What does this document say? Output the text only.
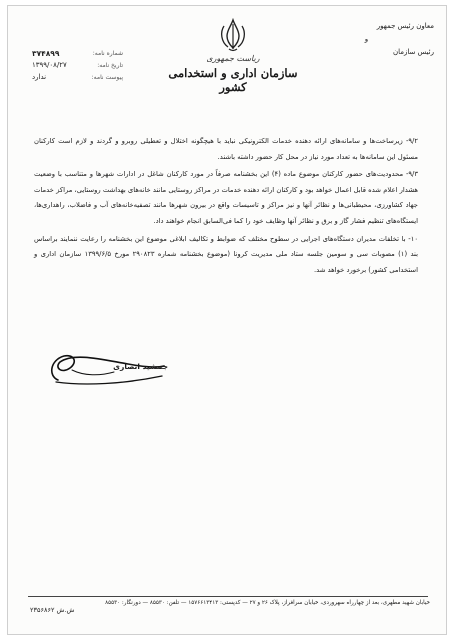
ریاست جمهوری
سازمان اداری و استخدامی کشور
معاون رئیس جمهور
و
رئیس سازمان
شماره نامه:
۳۷۴۸۹۹
تاریخ نامه:
۱۳۹۹/۰۸/۲۷
پیوست نامه:
ندارد

۹/۲- زیرساخت‌ها و سامانه‌های ارائه دهنده خدمات الکترونیکی نباید با هیچگونه اختلال و تعطیلی روبرو و گردند و لازم است کارکنان مسئول این سامانه‌ها به تعداد مورد نیاز در محل کار حضور داشته باشند.

۹/۳- محدودیت‌های حضور کارکنان موضوع ماده (۴) این بخشنامه صرفاً در مورد کارکنان شاغل در ادارات شهرها و متناسب با وضعیت هشدار اعلام شده قابل اعمال خواهد بود و کارکنان ارائه دهنده خدمات در مراکز روستایی مانند خانه‌های بهداشت روستایی، مراکز خدمات جهاد کشاورزی، محیطبانی‌ها و نظائر آنها و نیز مراکز و تاسیسات واقع در بیرون شهرها مانند تصفیه‌خانه‌های آب و فاضلاب، راهداری‌ها، ایستگاه‌های تنظیم فشار گاز و برق و نظائر آنها وظایف خود را کما فی‌السابق انجام خواهند داد.

۱۰- با تخلفات مدیران دستگاه‌های اجرایی در سطوح مختلف که ضوابط و تکالیف ابلاغی موضوع این بخشنامه را رعایت ننمایند براساس بند (۱) مصوبات سی و سومین جلسه ستاد ملی مدیریت کرونا (موضوع بخشنامه شماره ۲۹۰۸۲۳ مورخ ۱۳۹۹/۶/۵ سازمان اداری و استخدامی کشور) برخورد خواهد شد.

جمشید انصاری
خیابان شهید مطهری، بعد از چهارراه سهروردی، خیابان سرافراز، پلاک ۲۶ و ۲۷ — کدپستی: ۱۵۷۶۶۱۳۴۱۳ — تلفن: ۸۵۵۳۰ — دورنگار: ۸۵۵۳۰
ش.ش ۲۳۵۶۸۶۲
